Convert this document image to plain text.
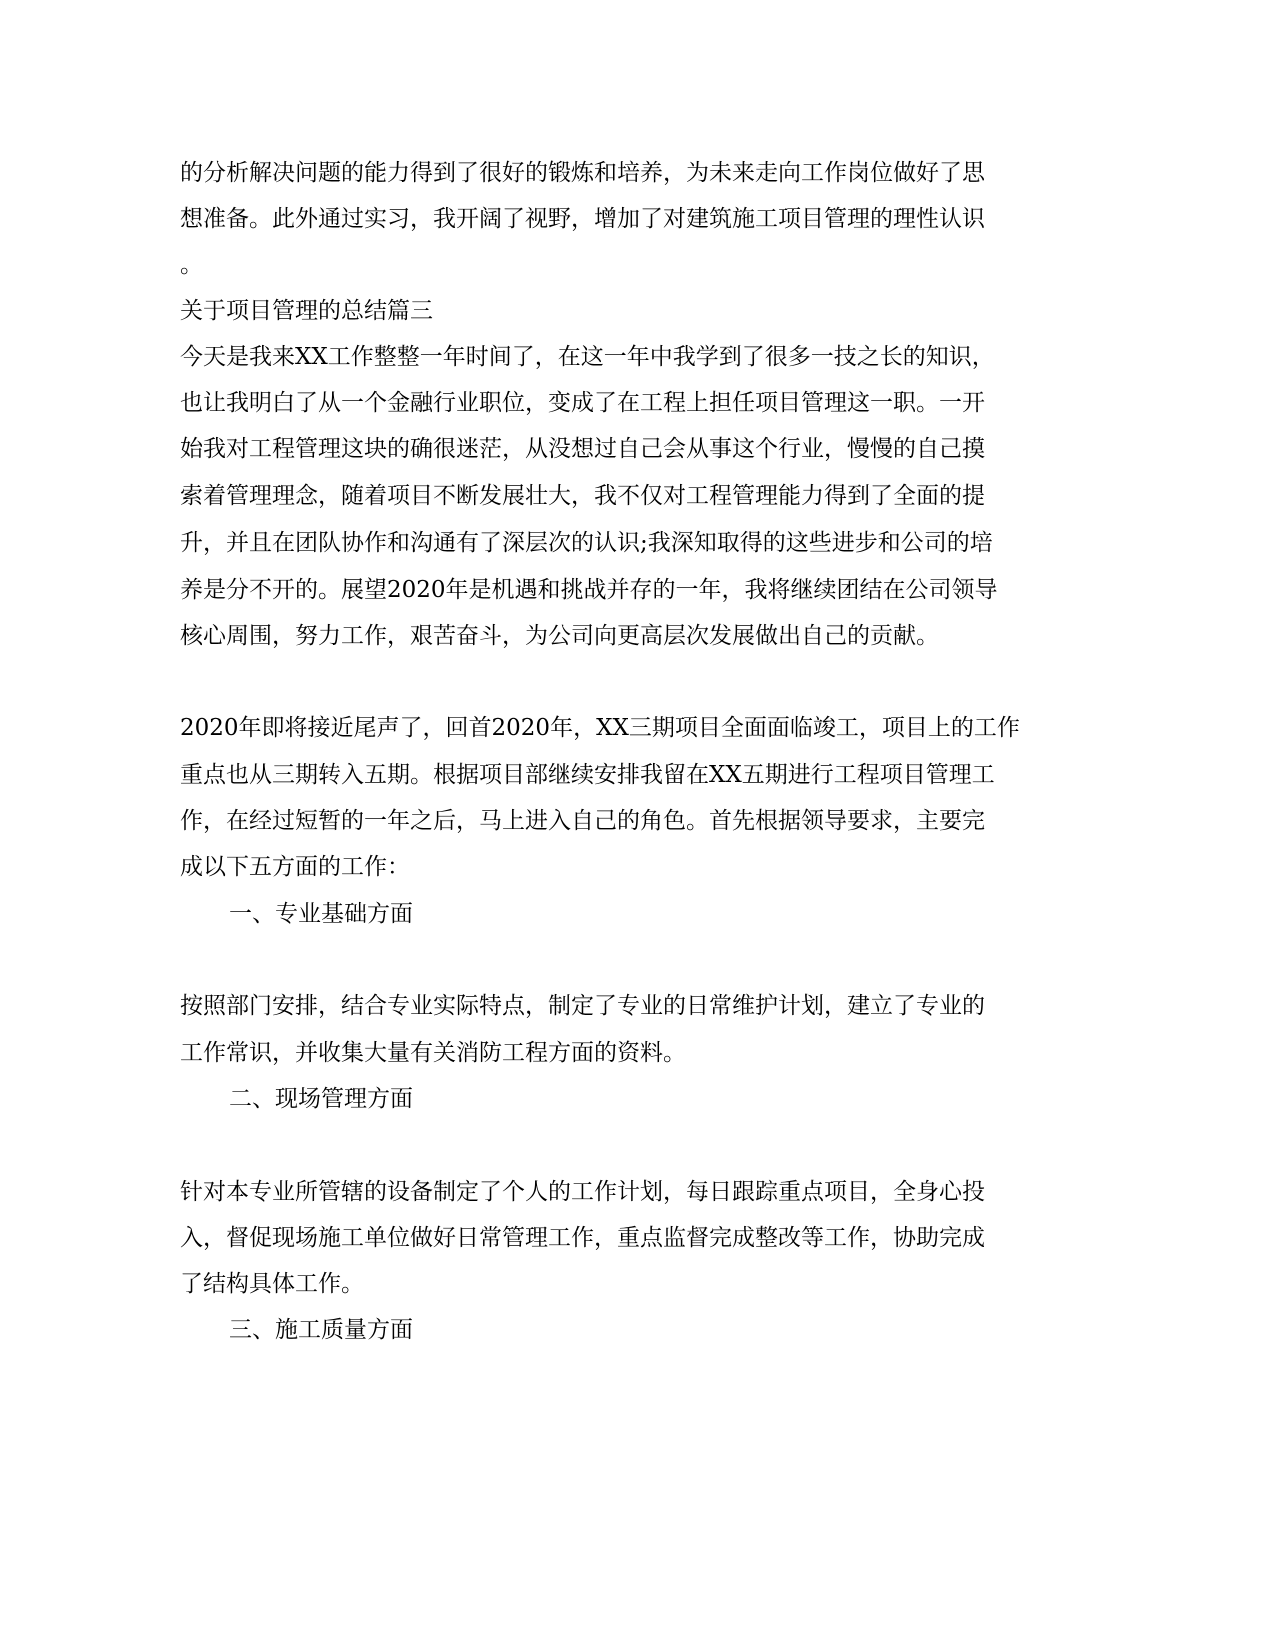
的分析解决问题的能力得到了很好的锻炼和培养，为未来走向工作岗位做好了思
想准备。此外通过实习，我开阔了视野，增加了对建筑施工项目管理的理性认识
。
关于项目管理的总结篇三
今天是我来XX工作整整一年时间了，在这一年中我学到了很多一技之长的知识，
也让我明白了从一个金融行业职位，变成了在工程上担任项目管理这一职。一开
始我对工程管理这块的确很迷茫，从没想过自己会从事这个行业，慢慢的自己摸
索着管理理念，随着项目不断发展壮大，我不仅对工程管理能力得到了全面的提
升，并且在团队协作和沟通有了深层次的认识;我深知取得的这些进步和公司的培
养是分不开的。展望2020年是机遇和挑战并存的一年，我将继续团结在公司领导
核心周围，努力工作，艰苦奋斗，为公司向更高层次发展做出自己的贡献。
2020年即将接近尾声了，回首2020年，XX三期项目全面面临竣工，项目上的工作
重点也从三期转入五期。根据项目部继续安排我留在XX五期进行工程项目管理工
作，在经过短暂的一年之后，马上进入自己的角色。首先根据领导要求，主要完
成以下五方面的工作：
一、专业基础方面
按照部门安排，结合专业实际特点，制定了专业的日常维护计划，建立了专业的
工作常识，并收集大量有关消防工程方面的资料。
二、现场管理方面
针对本专业所管辖的设备制定了个人的工作计划，每日跟踪重点项目，全身心投
入，督促现场施工单位做好日常管理工作，重点监督完成整改等工作，协助完成
了结构具体工作。
三、施工质量方面
